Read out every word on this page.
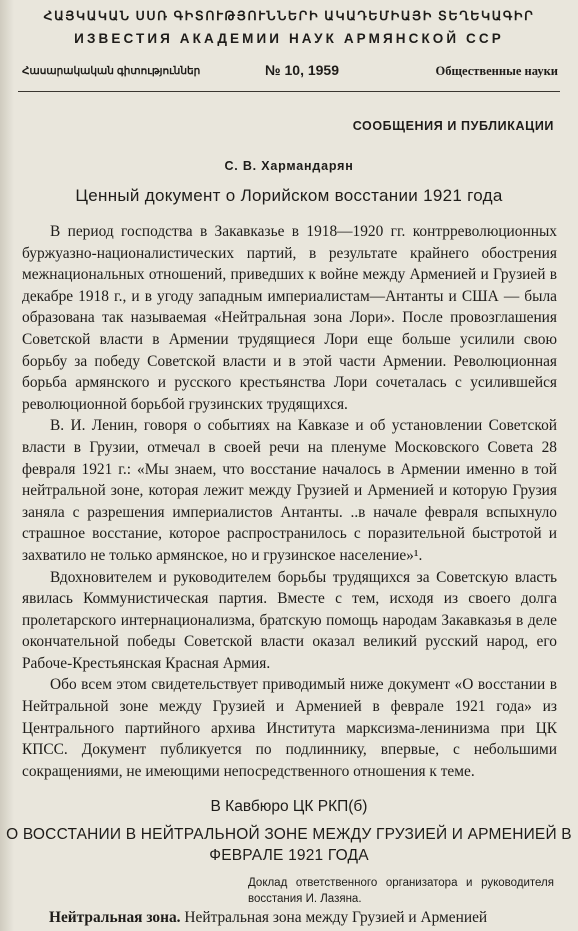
ՀԱՅԿԱԿԱՆ ՍՍՌ ԳԻՏՈՒԹՅՈՒՆՆԵՐԻ ԱԿԱԴԵՄԻԱՅԻ ՏԵՂԵԿԱԳԻՐ
ИЗВЕСТИЯ АКАДЕМИИ НАУК АРМЯНСКОЙ ССР
Հասարակական գիտություններ	№ 10, 1959	Общественные науки
СООБЩЕНИЯ И ПУБЛИКАЦИИ
С. В. Хармандарян
Ценный документ о Лорийском восстании 1921 года

В период господства в Закавказье в 1918—1920 гг. контрреволюционных буржуазно-националистических партий, в результате крайнего обострения межнациональных отношений, приведших к войне между Арменией и Грузией в декабре 1918 г., и в угоду западным империалистам—Антанты и США — была образована так называемая «Нейтральная зона Лори». После провозглашения Советской власти в Армении трудящиеся Лори еще больше усилили свою борьбу за победу Советской власти и в этой части Армении. Революционная борьба армянского и русского крестьянства Лори сочеталась с усилившейся революционной борьбой грузинских трудящихся.

В. И. Ленин, говоря о событиях на Кавказе и об установлении Советской власти в Грузии, отмечал в своей речи на пленуме Московского Совета 28 февраля 1921 г.: «Мы знаем, что восстание началось в Армении именно в той нейтральной зоне, которая лежит между Грузией и Арменией и которую Грузия заняла с разрешения империалистов Антанты. ..в начале февраля вспыхнуло страшное восстание, которое распространилось с поразительной быстротой и захватило не только армянское, но и грузинское население»¹.

Вдохновителем и руководителем борьбы трудящихся за Советскую власть явилась Коммунистическая партия. Вместе с тем, исходя из своего долга пролетарского интернационализма, братскую помощь народам Закавказья в деле окончательной победы Советской власти оказал великий русский народ, его Рабоче-Крестьянская Красная Армия.

Обо всем этом свидетельствует приводимый ниже документ «О восстании в Нейтральной зоне между Грузией и Арменией в феврале 1921 года» из Центрального партийного архива Института марксизма-ленинизма при ЦК КПСС. Документ публикуется по подлиннику, впервые, с небольшими сокращениями, не имеющими непосредственного отношения к теме.

В Кавбюро ЦК РКП(б)
О ВОССТАНИИ В НЕЙТРАЛЬНОЙ ЗОНЕ МЕЖДУ ГРУЗИЕЙ И АРМЕНИЕЙ В ФЕВРАЛЕ 1921 ГОДА
Доклад ответственного организатора и руководителя восстания И. Лазяна.
Нейтральная зона. Нейтральная зона между Грузией и Арменией
